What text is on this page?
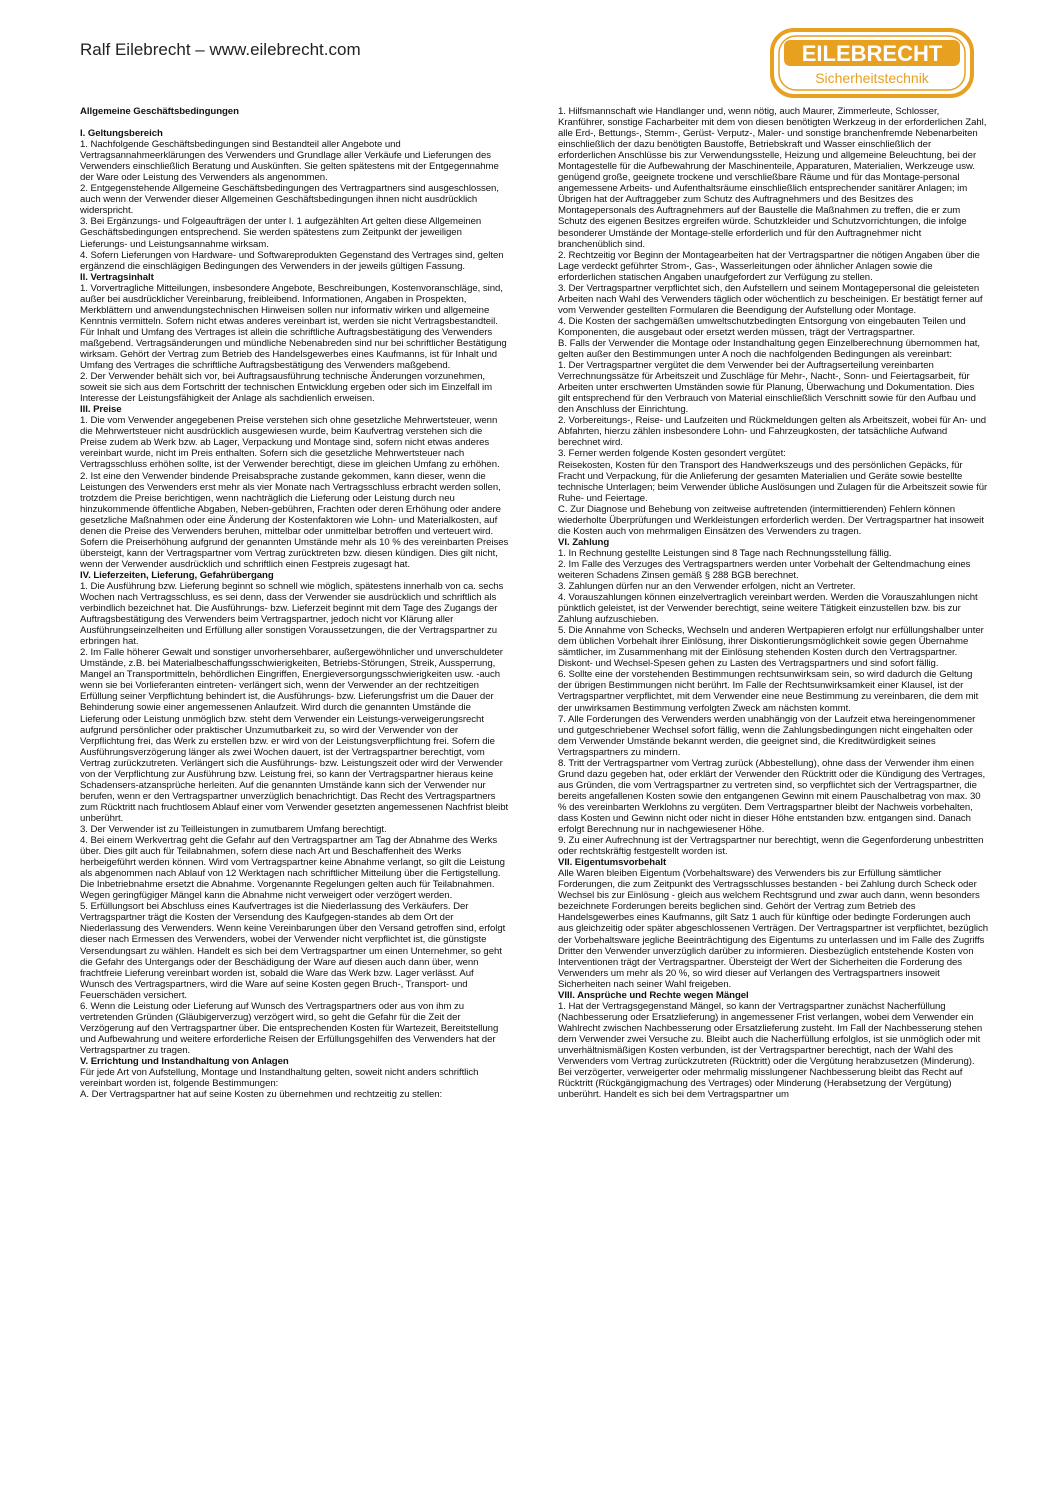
Ralf Eilebrecht – www.eilebrecht.com	EILEBRECHT
Sicherheitstechnik

Allgemeine Geschäftsbedingungen

I. Geltungsbereich

1. Nachfolgende Geschäftsbedingungen sind Bestandteil aller Angebote und Vertragsannahmeerklärungen des Verwenders und Grundlage aller Verkäufe und Lieferungen des Verwenders einschließlich Beratung und Auskünften. Sie gelten spätestens mit der Entgegennahme der Ware oder Leistung des Verwenders als angenommen.

2. Entgegenstehende Allgemeine Geschäftsbedingungen des Vertragpartners sind ausgeschlossen, auch wenn der Verwender dieser Allgemeinen Geschäftsbedingungen ihnen nicht ausdrücklich widerspricht.

3. Bei Ergänzungs- und Folgeaufträgen der unter I. 1 aufgezählten Art gelten diese Allgemeinen Geschäftsbedingungen entsprechend. Sie werden spätestens zum Zeitpunkt der jeweiligen Lieferungs- und Leistungsannahme wirksam.

4. Sofern Lieferungen von Hardware- und Softwareprodukten Gegenstand des Vertrages sind, gelten ergänzend die einschlägigen Bedingungen des Verwenders in der jeweils gültigen Fassung.

II. Vertragsinhalt

1. Vorvertragliche Mitteilungen, insbesondere Angebote, Beschreibungen, Kostenvoranschläge, sind, außer bei ausdrücklicher Vereinbarung, freibleibend. Informationen, Angaben in Prospekten, Merkblättern und anwendungstechnischen Hinweisen sollen nur informativ wirken und allgemeine Kenntnis vermitteln. Sofern nicht etwas anderes vereinbart ist, werden sie nicht Vertragsbestandteil. Für Inhalt und Umfang des Vertrages ist allein die schriftliche Auftragsbestätigung des Verwenders maßgebend. Vertragsänderungen und mündliche Nebenabreden sind nur bei schriftlicher Bestätigung wirksam. Gehört der Vertrag zum Betrieb des Handelsgewerbes eines Kaufmanns, ist für Inhalt und Umfang des Vertrages die schriftliche Auftragsbestätigung des Verwenders maßgebend.

2. Der Verwender behält sich vor, bei Auftragsausführung technische Änderungen vorzunehmen, soweit sie sich aus dem Fortschritt der technischen Entwicklung ergeben oder sich im Einzelfall im Interesse der Leistungsfähigkeit der Anlage als sachdienlich erweisen.

III. Preise

1. Die vom Verwender angegebenen Preise verstehen sich ohne gesetzliche Mehrwertsteuer, wenn die Mehrwertsteuer nicht ausdrücklich ausgewiesen wurde, beim Kaufvertrag verstehen sich die Preise zudem ab Werk bzw. ab Lager, Verpackung und Montage sind, sofern nicht etwas anderes vereinbart wurde, nicht im Preis enthalten. Sofern sich die gesetzliche Mehrwertsteuer nach Vertragsschluss erhöhen sollte, ist der Verwender berechtigt, diese im gleichen Umfang zu erhöhen.

2. Ist eine den Verwender bindende Preisabsprache zustande gekommen, kann dieser, wenn die Leistungen des Verwenders erst mehr als vier Monate nach Vertragsschluss erbracht werden sollen, trotzdem die Preise berichtigen, wenn nachträglich die Lieferung oder Leistung durch neu hinzukommende öffentliche Abgaben, Neben-gebühren, Frachten oder deren Erhöhung oder andere gesetzliche Maßnahmen oder eine Änderung der Kostenfaktoren wie Lohn- und Materialkosten, auf denen die Preise des Verwenders beruhen, mittelbar oder unmittelbar betroffen und verteuert wird. Sofern die Preiserhöhung aufgrund der genannten Umstände mehr als 10 % des vereinbarten Preises übersteigt, kann der Vertragspartner vom Vertrag zurücktreten bzw. diesen kündigen. Dies gilt nicht, wenn der Verwender ausdrücklich und schriftlich einen Festpreis zugesagt hat.

IV. Lieferzeiten, Lieferung, Gefahrübergang

1. Die Ausführung bzw. Lieferung beginnt so schnell wie möglich, spätestens innerhalb von ca. sechs Wochen nach Vertragsschluss, es sei denn, dass der Verwender sie ausdrücklich und schriftlich als verbindlich bezeichnet hat. Die Ausführungs- bzw. Lieferzeit beginnt mit dem Tage des Zugangs der Auftragsbestätigung des Verwenders beim Vertragspartner, jedoch nicht vor Klärung aller Ausführungseinzelheiten und Erfüllung aller sonstigen Voraussetzungen, die der Vertragspartner zu erbringen hat.

2. Im Falle höherer Gewalt und sonstiger unvorhersehbarer, außergewöhnlicher und unverschuldeter Umstände, z.B. bei Materialbeschaffungsschwierigkeiten, Betriebs-Störungen, Streik, Aussperrung, Mangel an Transportmitteln, behördlichen Eingriffen, Energieversorgungsschwierigkeiten usw. -auch wenn sie bei Vorlieferanten eintreten- verlängert sich, wenn der Verwender an der rechtzeitigen Erfüllung seiner Verpflichtung behindert ist, die Ausführungs- bzw. Lieferungsfrist um die Dauer der Behinderung sowie einer angemessenen Anlaufzeit. Wird durch die genannten Umstände die Lieferung oder Leistung unmöglich bzw. steht dem Verwender ein Leistungs-verweigerungsrecht aufgrund persönlicher oder praktischer Unzumutbarkeit zu, so wird der Verwender von der Verpflichtung frei, das Werk zu erstellen bzw. er wird von der Leistungsverpflichtung frei. Sofern die Ausführungsverzögerung länger als zwei Wochen dauert, ist der Vertragspartner berechtigt, vom Vertrag zurückzutreten. Verlängert sich die Ausführungs- bzw. Leistungszeit oder wird der Verwender von der Verpflichtung zur Ausführung bzw. Leistung frei, so kann der Vertragspartner hieraus keine Schadensers-atzansprüche herleiten. Auf die genannten Umstände kann sich der Verwender nur berufen, wenn er den Vertragspartner unverzüglich benachrichtigt. Das Recht des Vertragspartners zum Rücktritt nach fruchtlosem Ablauf einer vom Verwender gesetzten angemessenen Nachfrist bleibt unberührt.

3. Der Verwender ist zu Teilleistungen in zumutbarem Umfang berechtigt.

4. Bei einem Werkvertrag geht die Gefahr auf den Vertragspartner am Tag der Abnahme des Werks über. Dies gilt auch für Teilabnahmen, sofern diese nach Art und Beschaffenheit des Werks herbeigeführt werden können. Wird vom Vertragspartner keine Abnahme verlangt, so gilt die Leistung als abgenommen nach Ablauf von 12 Werktagen nach schriftlicher Mitteilung über die Fertigstellung. Die Inbetriebnahme ersetzt die Abnahme. Vorgenannte Regelungen gelten auch für Teilabnahmen. Wegen geringfügiger Mängel kann die Abnahme nicht verweigert oder verzögert werden.

5. Erfüllungsort bei Abschluss eines Kaufvertrages ist die Niederlassung des Verkäufers. Der Vertragspartner trägt die Kosten der Versendung des Kaufgegen-standes ab dem Ort der Niederlassung des Verwenders. Wenn keine Vereinbarungen über den Versand getroffen sind, erfolgt dieser nach Ermessen des Verwenders, wobei der Verwender nicht verpflichtet ist, die günstigste Versendungsart zu wählen. Handelt es sich bei dem Vertragspartner um einen Unternehmer, so geht die Gefahr des Untergangs oder der Beschädigung der Ware auf diesen auch dann über, wenn frachtfreie Lieferung vereinbart worden ist, sobald die Ware das Werk bzw. Lager verlässt. Auf Wunsch des Vertragspartners, wird die Ware auf seine Kosten gegen Bruch-, Transport- und Feuerschäden versichert.

6. Wenn die Leistung oder Lieferung auf Wunsch des Vertragspartners oder aus von ihm zu vertretenden Gründen (Gläubigerverzug) verzögert wird, so geht die Gefahr für die Zeit der Verzögerung auf den Vertragspartner über. Die entsprechenden Kosten für Wartezeit, Bereitstellung und Aufbewahrung und weitere erforderliche Reisen der Erfüllungsgehilfen des Verwenders hat der Vertragspartner zu tragen.

V. Errichtung und Instandhaltung von Anlagen

Für jede Art von Aufstellung, Montage und Instandhaltung gelten, soweit nicht anders schriftlich vereinbart worden ist, folgende Bestimmungen:

A. Der Vertragspartner hat auf seine Kosten zu übernehmen und rechtzeitig zu stellen:

1. Hilfsmannschaft wie Handlanger und, wenn nötig, auch Maurer, Zimmerleute, Schlosser, Kranführer, sonstige Facharbeiter mit dem von diesen benötigten Werkzeug in der erforderlichen Zahl, alle Erd-, Bettungs-, Stemm-, Gerüst- Verputz-, Maler- und sonstige branchenfremde Nebenarbeiten einschließlich der dazu benötigten Baustoffe, Betriebskraft und Wasser einschließlich der erforderlichen Anschlüsse bis zur Verwendungsstelle, Heizung und allgemeine Beleuchtung, bei der Montagestelle für die Aufbewahrung der Maschinenteile, Apparaturen, Materialien, Werkzeuge usw. genügend große, geeignete trockene und verschließbare Räume und für das Montage-personal angemessene Arbeits- und Aufenthaltsräume einschließlich entsprechender sanitärer Anlagen; im Übrigen hat der Auftraggeber zum Schutz des Auftragnehmers und des Besitzes des Montagepersonals des Auftragnehmers auf der Baustelle die Maßnahmen zu treffen, die er zum Schutz des eigenen Besitzes ergreifen würde. Schutzkleider und Schutzvorrichtungen, die infolge besonderer Umstände der Montage-stelle erforderlich und für den Auftragnehmer nicht branchenüblich sind.

2. Rechtzeitig vor Beginn der Montagearbeiten hat der Vertragspartner die nötigen Angaben über die Lage verdeckt geführter Strom-, Gas-, Wasserleitungen oder ähnlicher Anlagen sowie die erforderlichen statischen Angaben unaufgefordert zur Verfügung zu stellen.

3. Der Vertragspartner verpflichtet sich, den Aufstellern und seinem Montagepersonal die geleisteten Arbeiten nach Wahl des Verwenders täglich oder wöchentlich zu bescheinigen. Er bestätigt ferner auf vom Verwender gestellten Formularen die Beendigung der Aufstellung oder Montage.

4. Die Kosten der sachgemäßen umweltschutzbedingten Entsorgung von eingebauten Teilen und Komponenten, die ausgebaut oder ersetzt werden müssen, trägt der Vertragspartner.

B. Falls der Verwender die Montage oder Instandhaltung gegen Einzelberechnung übernommen hat, gelten außer den Bestimmungen unter A noch die nachfolgenden Bedingungen als vereinbart:

1. Der Vertragspartner vergütet die dem Verwender bei der Auftragserteilung vereinbarten Verrechnungssätze für Arbeitszeit und Zuschläge für Mehr-, Nacht-, Sonn- und Feiertagsarbeit, für Arbeiten unter erschwerten Umständen sowie für Planung, Überwachung und Dokumentation. Dies gilt entsprechend für den Verbrauch von Material einschließlich Verschnitt sowie für den Aufbau und den Anschluss der Einrichtung.

2. Vorbereitungs-, Reise- und Laufzeiten und Rückmeldungen gelten als Arbeitszeit, wobei für An- und Abfahrten, hierzu zählen insbesondere Lohn- und Fahrzeugkosten, der tatsächliche Aufwand berechnet wird.

3. Ferner werden folgende Kosten gesondert vergütet:

Reisekosten, Kosten für den Transport des Handwerkszeugs und des persönlichen Gepäcks, für Fracht und Verpackung, für die Anlieferung der gesamten Materialien und Geräte sowie bestellte technische Unterlagen; beim Verwender übliche Auslösungen und Zulagen für die Arbeitszeit sowie für Ruhe- und Feiertage.

C. Zur Diagnose und Behebung von zeitweise auftretenden (intermittierenden) Fehlern können wiederholte Überprüfungen und Werkleistungen erforderlich werden. Der Vertragspartner hat insoweit die Kosten auch von mehrmaligen Einsätzen des Verwenders zu tragen.

VI. Zahlung

1. In Rechnung gestellte Leistungen sind 8 Tage nach Rechnungsstellung fällig.

2. Im Falle des Verzuges des Vertragspartners werden unter Vorbehalt der Geltendmachung eines weiteren Schadens Zinsen gemäß § 288 BGB berechnet.

3. Zahlungen dürfen nur an den Verwender erfolgen, nicht an Vertreter.

4. Vorauszahlungen können einzelvertraglich vereinbart werden. Werden die Vorauszahlungen nicht pünktlich geleistet, ist der Verwender berechtigt, seine weitere Tätigkeit einzustellen bzw. bis zur Zahlung aufzuschieben.

5. Die Annahme von Schecks, Wechseln und anderen Wertpapieren erfolgt nur erfüllungshalber unter dem üblichen Vorbehalt ihrer Einlösung, ihrer Diskontierungsmöglichkeit sowie gegen Übernahme sämtlicher, im Zusammenhang mit der Einlösung stehenden Kosten durch den Vertragspartner. Diskont- und Wechsel-Spesen gehen zu Lasten des Vertragspartners und sind sofort fällig.

6. Sollte eine der vorstehenden Bestimmungen rechtsunwirksam sein, so wird dadurch die Geltung der übrigen Bestimmungen nicht berührt. Im Falle der Rechtsunwirksamkeit einer Klausel, ist der Vertragspartner verpflichtet, mit dem Verwender eine neue Bestimmung zu vereinbaren, die dem mit der unwirksamen Bestimmung verfolgten Zweck am nächsten kommt.

7. Alle Forderungen des Verwenders werden unabhängig von der Laufzeit etwa hereingenommener und gutgeschriebener Wechsel sofort fällig, wenn die Zahlungsbedingungen nicht eingehalten oder dem Verwender Umstände bekannt werden, die geeignet sind, die Kreditwürdigkeit seines Vertragspartners zu mindern.

8. Tritt der Vertragspartner vom Vertrag zurück (Abbestellung), ohne dass der Verwender ihm einen Grund dazu gegeben hat, oder erklärt der Verwender den Rücktritt oder die Kündigung des Vertrages, aus Gründen, die vom Vertragspartner zu vertreten sind, so verpflichtet sich der Vertragspartner, die bereits angefallenen Kosten sowie den entgangenen Gewinn mit einem Pauschalbetrag von max. 30 % des vereinbarten Werklohns zu vergüten. Dem Vertragspartner bleibt der Nachweis vorbehalten, dass Kosten und Gewinn nicht oder nicht in dieser Höhe entstanden bzw. entgangen sind. Danach erfolgt Berechnung nur in nachgewiesener Höhe.

9. Zu einer Aufrechnung ist der Vertragspartner nur berechtigt, wenn die Gegenforderung unbestritten oder rechtskräftig festgestellt worden ist.

VII. Eigentumsvorbehalt

Alle Waren bleiben Eigentum (Vorbehaltsware) des Verwenders bis zur Erfüllung sämtlicher Forderungen, die zum Zeitpunkt des Vertragsschlusses bestanden - bei Zahlung durch Scheck oder Wechsel bis zur Einlösung - gleich aus welchem Rechtsgrund und zwar auch dann, wenn besonders bezeichnete Forderungen bereits beglichen sind. Gehört der Vertrag zum Betrieb des Handelsgewerbes eines Kaufmanns, gilt Satz 1 auch für künftige oder bedingte Forderungen auch aus gleichzeitig oder später abgeschlossenen Verträgen. Der Vertragspartner ist verpflichtet, bezüglich der Vorbehaltsware jegliche Beeinträchtigung des Eigentums zu unterlassen und im Falle des Zugriffs Dritter den Verwender unverzüglich darüber zu informieren. Diesbezüglich entstehende Kosten von Interventionen trägt der Vertragspartner. Übersteigt der Wert der Sicherheiten die Forderung des Verwenders um mehr als 20 %, so wird dieser auf Verlangen des Vertragspartners insoweit Sicherheiten nach seiner Wahl freigeben.

VIII. Ansprüche und Rechte wegen Mängel

1. Hat der Vertragsgegenstand Mängel, so kann der Vertragspartner zunächst Nacherfüllung (Nachbesserung oder Ersatzlieferung) in angemessener Frist verlangen, wobei dem Verwender ein Wahlrecht zwischen Nachbesserung oder Ersatzlieferung zusteht. Im Fall der Nachbesserung stehen dem Verwender zwei Versuche zu. Bleibt auch die Nacherfüllung erfolglos, ist sie unmöglich oder mit unverhältnismäßigen Kosten verbunden, ist der Vertragspartner berechtigt, nach der Wahl des Verwenders vom Vertrag zurückzutreten (Rücktritt) oder die Vergütung herabzusetzen (Minderung). Bei verzögerter, verweigerter oder mehrmalig misslungener Nachbesserung bleibt das Recht auf Rücktritt (Rückgängigmachung des Vertrages) oder Minderung (Herabsetzung der Vergütung) unberührt. Handelt es sich bei dem Vertragspartner um
